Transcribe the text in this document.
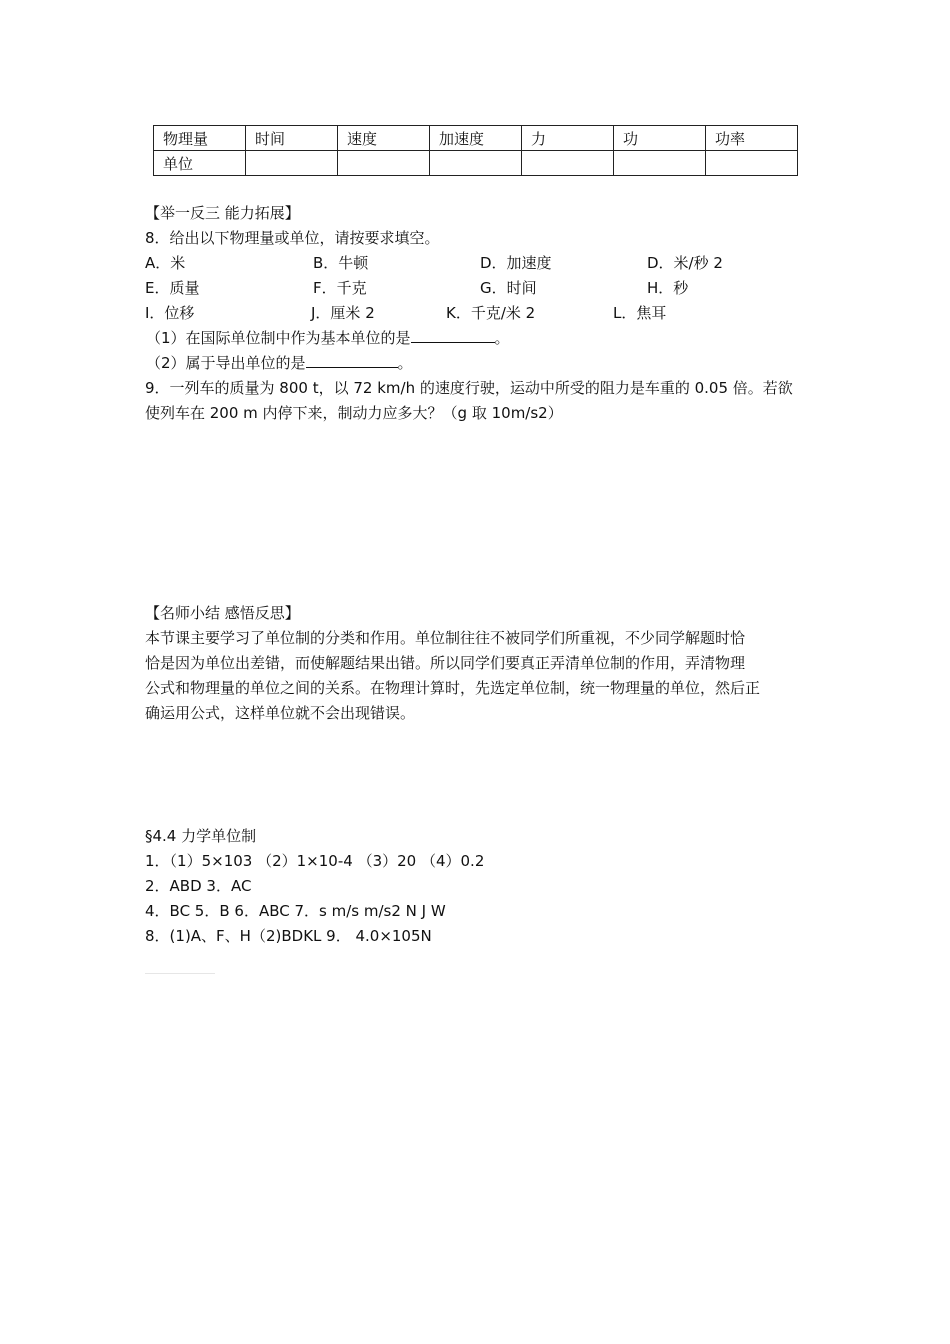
物理量	时间	速度	加速度	力	功	功率
单位						
【举一反三 能力拓展】
8．给出以下物理量或单位，请按要求填空。
A．米	B．牛顿	D．加速度	D．米/秒 2
E．质量	F．千克	G．时间	H．秒
I．位移	J．厘米 2	K．千克/米 2	L．焦耳
（1）在国际单位制中作为基本单位的是	。
（2）属于导出单位的是	。
9．一列车的质量为 800 t，以 72 km/h 的速度行驶，运动中所受的阻力是车重的 0.05 倍。若欲
使列车在 200 m 内停下来，制动力应多大？（g 取 10m/s2）
【名师小结 感悟反思】
本节课主要学习了单位制的分类和作用。单位制往往不被同学们所重视，不少同学解题时恰
恰是因为单位出差错，而使解题结果出错。所以同学们要真正弄清单位制的作用，弄清物理
公式和物理量的单位之间的关系。在物理计算时，先选定单位制，统一物理量的单位，然后正
确运用公式，这样单位就不会出现错误。
§4.4 力学单位制
1．（1）5×103 （2）1×10-4 （3）20 （4）0.2
2．ABD 3．AC
4．BC 5．B 6．ABC 7．s m/s m/s2 N J W
8．(1)A、F、H（2)BDKL 9． 4.0×105N
